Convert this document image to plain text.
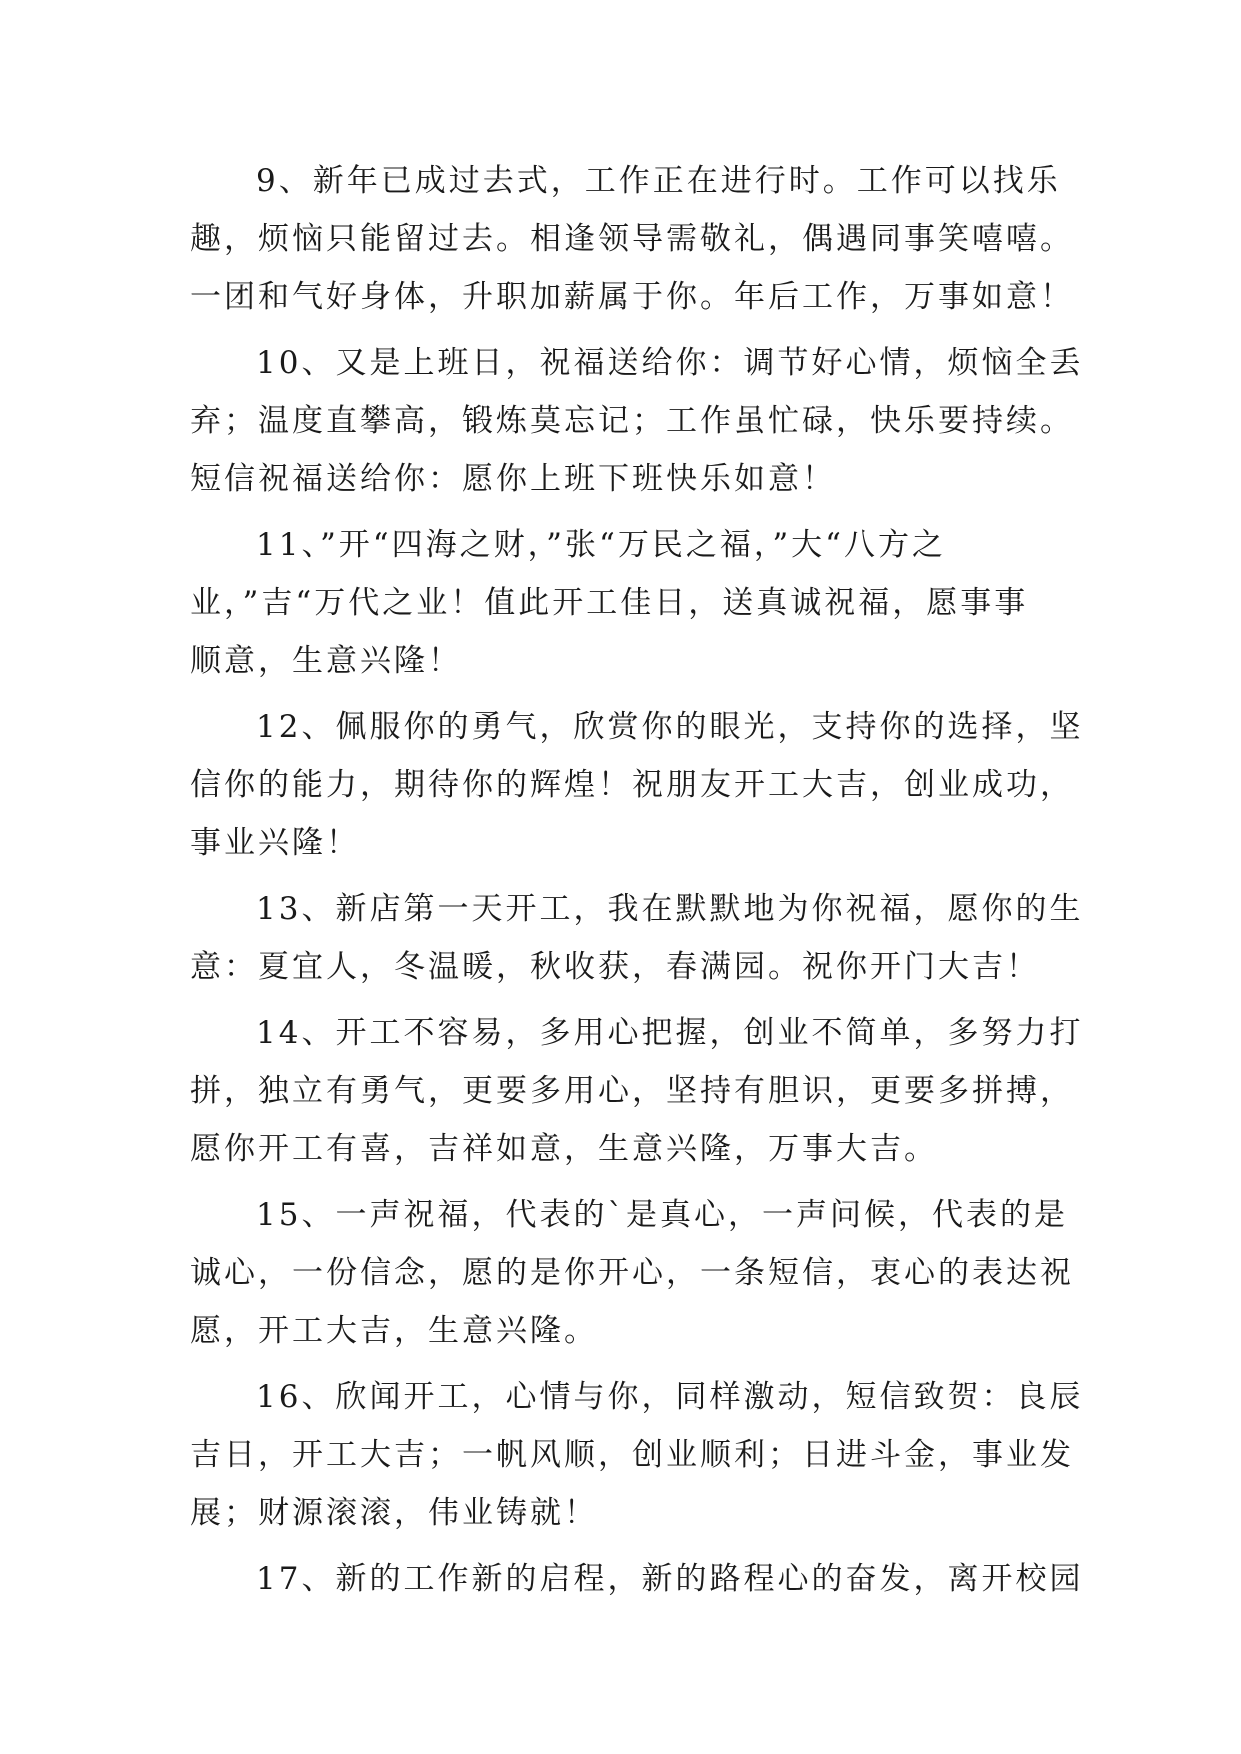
9、新年已成过去式，工作正在进行时。工作可以找乐
趣，烦恼只能留过去。相逢领导需敬礼，偶遇同事笑嘻嘻。
一团和气好身体，升职加薪属于你。年后工作，万事如意！
10、又是上班日，祝福送给你：调节好心情，烦恼全丢
弃；温度直攀高，锻炼莫忘记；工作虽忙碌，快乐要持续。
短信祝福送给你：愿你上班下班快乐如意！
11、”开“四海之财，”张“万民之福，”大“八方之
业，”吉“万代之业！值此开工佳日，送真诚祝福，愿事事
顺意，生意兴隆！
12、佩服你的勇气，欣赏你的眼光，支持你的选择，坚
信你的能力，期待你的辉煌！祝朋友开工大吉，创业成功，
事业兴隆！
13、新店第一天开工，我在默默地为你祝福，愿你的生
意：夏宜人，冬温暖，秋收获，春满园。祝你开门大吉！
14、开工不容易，多用心把握，创业不简单，多努力打
拼，独立有勇气，更要多用心，坚持有胆识，更要多拼搏，
愿你开工有喜，吉祥如意，生意兴隆，万事大吉。
15、一声祝福，代表的`是真心，一声问候，代表的是
诚心，一份信念，愿的是你开心，一条短信，衷心的表达祝
愿，开工大吉，生意兴隆。
16、欣闻开工，心情与你，同样激动，短信致贺：良辰
吉日，开工大吉；一帆风顺，创业顺利；日进斗金，事业发
展；财源滚滚，伟业铸就！
17、新的工作新的启程，新的路程心的奋发，离开校园
